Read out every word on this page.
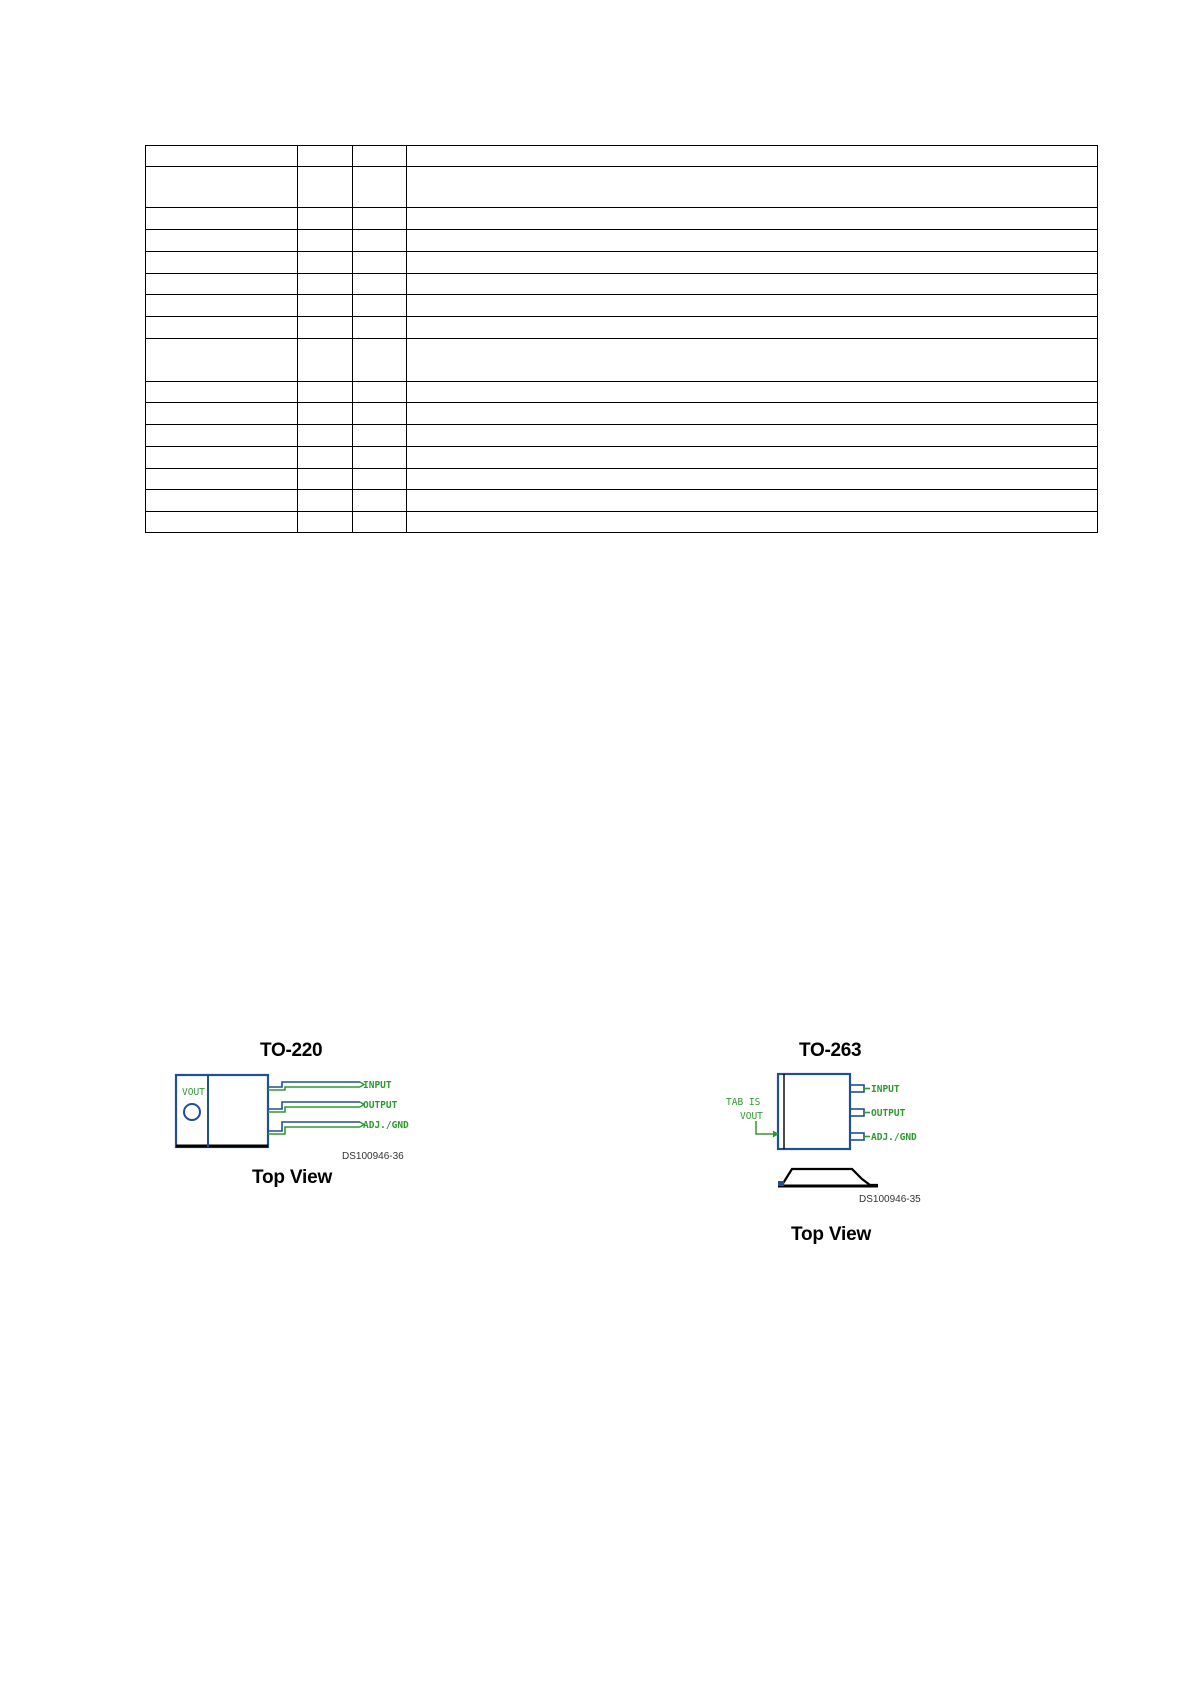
TO-220
VOUT
INPUT
OUTPUT
ADJ./GND
DS100946-36
Top View
TO-263
TAB IS
VOUT
INPUT
OUTPUT
ADJ./GND
DS100946-35
Top View
